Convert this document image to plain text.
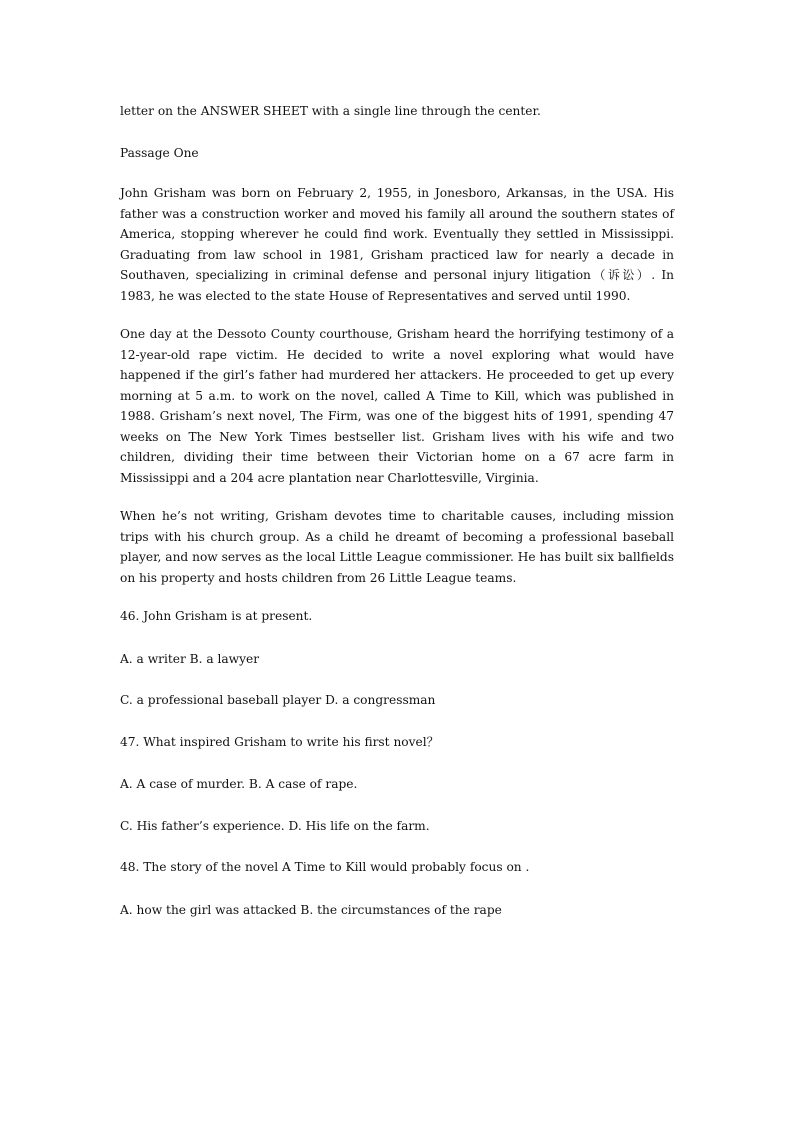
letter on the ANSWER SHEET with a single line through the center.

Passage One

John Grisham was born on February 2, 1955, in Jonesboro, Arkansas, in the USA. His father was a construction worker and moved his family all around the southern states of America, stopping wherever he could find work. Eventually they settled in Mississippi. Graduating from law school in 1981, Grisham practiced law for nearly a decade in Southaven, specializing in criminal defense and personal injury litigation（诉讼）. In 1983, he was elected to the state House of Representatives and served until 1990.

One day at the Dessoto County courthouse, Grisham heard the horrifying testimony of a 12-year-old rape victim. He decided to write a novel exploring what would have happened if the girl’s father had murdered her attackers. He proceeded to get up every morning at 5 a.m. to work on the novel, called A Time to Kill, which was published in 1988. Grisham’s next novel, The Firm, was one of the biggest hits of 1991, spending 47 weeks on The New York Times bestseller list. Grisham lives with his wife and two children, dividing their time between their Victorian home on a 67 acre farm in Mississippi and a 204 acre plantation near Charlottesville, Virginia.

When he’s not writing, Grisham devotes time to charitable causes, including mission trips with his church group. As a child he dreamt of becoming a professional baseball player, and now serves as the local Little League commissioner. He has built six ballfields on his property and hosts children from 26 Little League teams.

46. John Grisham is at present.

A. a writer B. a lawyer

C. a professional baseball player D. a congressman

47. What inspired Grisham to write his first novel？

A. A case of murder. B. A case of rape.

C. His father’s experience. D. His life on the farm.

48. The story of the novel A Time to Kill would probably focus on .

A. how the girl was attacked B. the circumstances of the rape
